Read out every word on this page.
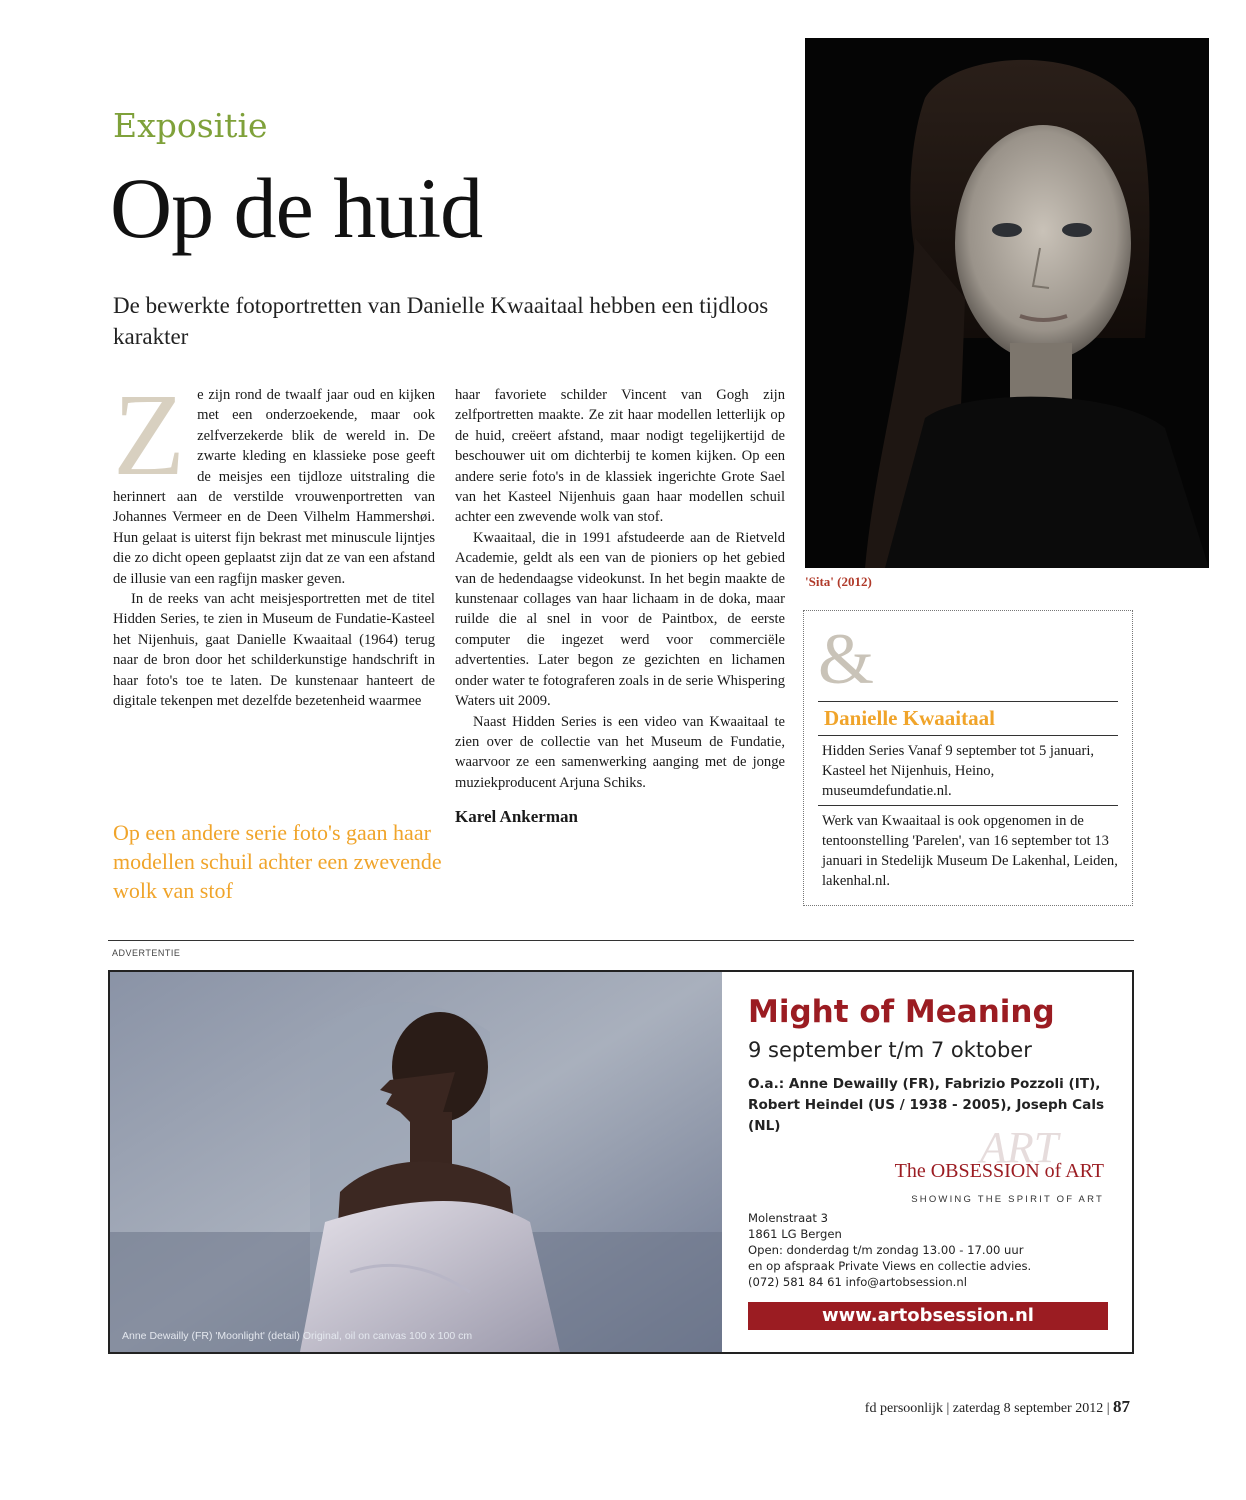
Expositie
Op de huid
De bewerkte fotoportretten van Danielle Kwaaitaal hebben een tijdloos karakter
Z e zijn rond de twaalf jaar oud en kijken met een onderzoekende, maar ook zelfverzekerde blik de wereld in. De zwarte kleding en klassieke pose geeft de meisjes een tijdloze uitstraling die herinnert aan de verstilde vrouwenportretten van Johannes Vermeer en de Deen Vilhelm Hammershøi. Hun gelaat is uiterst fijn bekrast met minuscule lijntjes die zo dicht opeen geplaatst zijn dat ze van een afstand de illusie van een ragfijn masker geven.

In de reeks van acht meisjesportretten met de titel Hidden Series, te zien in Museum de Fundatie-Kasteel het Nijenhuis, gaat Danielle Kwaaitaal (1964) terug naar de bron door het schilderkunstige handschrift in haar foto's toe te laten. De kunstenaar hanteert de digitale tekenpen met dezelfde bezetenheid waarmee

haar favoriete schilder Vincent van Gogh zijn zelfportretten maakte. Ze zit haar modellen letterlijk op de huid, creëert afstand, maar nodigt tegelijkertijd de beschouwer uit om dichterbij te komen kijken. Op een andere serie foto's in de klassiek ingerichte Grote Sael van het Kasteel Nijenhuis gaan haar modellen schuil achter een zwevende wolk van stof.

Kwaaitaal, die in 1991 afstudeerde aan de Rietveld Academie, geldt als een van de pioniers op het gebied van de hedendaagse videokunst. In het begin maakte de kunstenaar collages van haar lichaam in de doka, maar ruilde die al snel in voor de Paintbox, de eerste computer die ingezet werd voor commerciële advertenties. Later begon ze gezichten en lichamen onder water te fotograferen zoals in de serie Whispering Waters uit 2009.

Naast Hidden Series is een video van Kwaaitaal te zien over de collectie van het Museum de Fundatie, waarvoor ze een samenwerking aanging met de jonge muziekproducent Arjuna Schiks.

Karel Ankerman

Op een andere serie foto's gaan haar modellen schuil achter een zwevende wolk van stof
'Sita' (2012)
&
Danielle Kwaaitaal
Hidden Series Vanaf 9 september tot 5 januari, Kasteel het Nijenhuis, Heino, museumdefundatie.nl.
Werk van Kwaaitaal is ook opgenomen in de tentoonstelling 'Parelen', van 16 september tot 13 januari in Stedelijk Museum De Lakenhal, Leiden, lakenhal.nl.
ADVERTENTIE
Anne Dewailly (FR) 'Moonlight' (detail) Original, oil on canvas 100 x 100 cm
Might of Meaning
9 september t/m 7 oktober
O.a.: Anne Dewailly (FR), Fabrizio Pozzoli (IT),
Robert Heindel (US / 1938 - 2005), Joseph Cals (NL)	ART
The OBSESSION of ART
SHOWING THE SPIRIT OF ART
Molenstraat 3
1861 LG Bergen
Open: donderdag t/m zondag 13.00 - 17.00 uur
en op afspraak Private Views en collectie advies.
(072) 581 84 61 info@artobsession.nl
www.artobsession.nl
fd persoonlijk | zaterdag 8 september 2012 | 87
